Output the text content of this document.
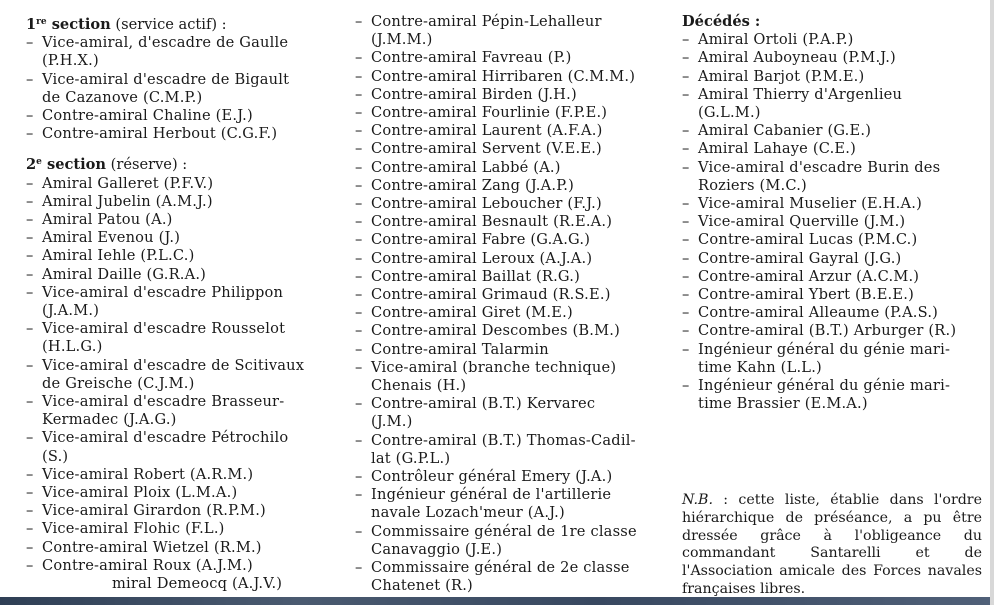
1re section (service actif) :

– Vice-amiral, d'escadre de Gaulle
(P.H.X.)
– Vice-amiral d'escadre de Bigault
de Cazanove (C.M.P.)
– Contre-amiral Chaline (E.J.)
– Contre-amiral Herbout (C.G.F.)

2e section (réserve) :

– Amiral Galleret (P.F.V.)
– Amiral Jubelin (A.M.J.)
– Amiral Patou (A.)
– Amiral Evenou (J.)
– Amiral Iehle (P.L.C.)
– Amiral Daille (G.R.A.)
– Vice-amiral d'escadre Philippon
(J.A.M.)
– Vice-amiral d'escadre Rousselot
(H.L.G.)
– Vice-amiral d'escadre de Scitivaux
de Greische (C.J.M.)
– Vice-amiral d'escadre Brasseur-
Kermadec (J.A.G.)
– Vice-amiral d'escadre Pétrochilo
(S.)
– Vice-amiral Robert (A.R.M.)
– Vice-amiral Ploix (L.M.A.)
– Vice-amiral Girardon (R.P.M.)
– Vice-amiral Flohic (F.L.)
– Contre-amiral Wietzel (R.M.)
– Contre-amiral Roux (A.J.M.)
miral Demeocq (A.J.V.)
– Contre-amiral Pépin-Lehalleur
(J.M.M.)
– Contre-amiral Favreau (P.)
– Contre-amiral Hirribaren (C.M.M.)
– Contre-amiral Birden (J.H.)
– Contre-amiral Fourlinie (F.P.E.)
– Contre-amiral Laurent (A.F.A.)
– Contre-amiral Servent (V.E.E.)
– Contre-amiral Labbé (A.)
– Contre-amiral Zang (J.A.P.)
– Contre-amiral Leboucher (F.J.)
– Contre-amiral Besnault (R.E.A.)
– Contre-amiral Fabre (G.A.G.)
– Contre-amiral Leroux (A.J.A.)
– Contre-amiral Baillat (R.G.)
– Contre-amiral Grimaud (R.S.E.)
– Contre-amiral Giret (M.E.)
– Contre-amiral Descombes (B.M.)
– Contre-amiral Talarmin
– Vice-amiral (branche technique)
Chenais (H.)
– Contre-amiral (B.T.) Kervarec
(J.M.)
– Contre-amiral (B.T.) Thomas-Cadil-
lat (G.P.L.)
– Contrôleur général Emery (J.A.)
– Ingénieur général de l'artillerie
navale Lozach'meur (A.J.)
– Commissaire général de 1re classe
Canavaggio (J.E.)
– Commissaire général de 2e classe
Chatenet (R.)

Décédés :

– Amiral Ortoli (P.A.P.)
– Amiral Auboyneau (P.M.J.)
– Amiral Barjot (P.M.E.)
– Amiral Thierry d'Argenlieu
(G.L.M.)
– Amiral Cabanier (G.E.)
– Amiral Lahaye (C.E.)
– Vice-amiral d'escadre Burin des
Roziers (M.C.)
– Vice-amiral Muselier (E.H.A.)
– Vice-amiral Querville (J.M.)
– Contre-amiral Lucas (P.M.C.)
– Contre-amiral Gayral (J.G.)
– Contre-amiral Arzur (A.C.M.)
– Contre-amiral Ybert (B.E.E.)
– Contre-amiral Alleaume (P.A.S.)
– Contre-amiral (B.T.) Arburger (R.)
– Ingénieur général du génie mari-
time Kahn (L.L.)
– Ingénieur général du génie mari-
time Brassier (E.M.A.)
N.B. : cette liste, établie dans l'ordre hiérarchique de préséance, a pu être dressée grâce à l'obligeance du commandant Santarelli et de l'Association amicale des Forces navales françaises libres.
